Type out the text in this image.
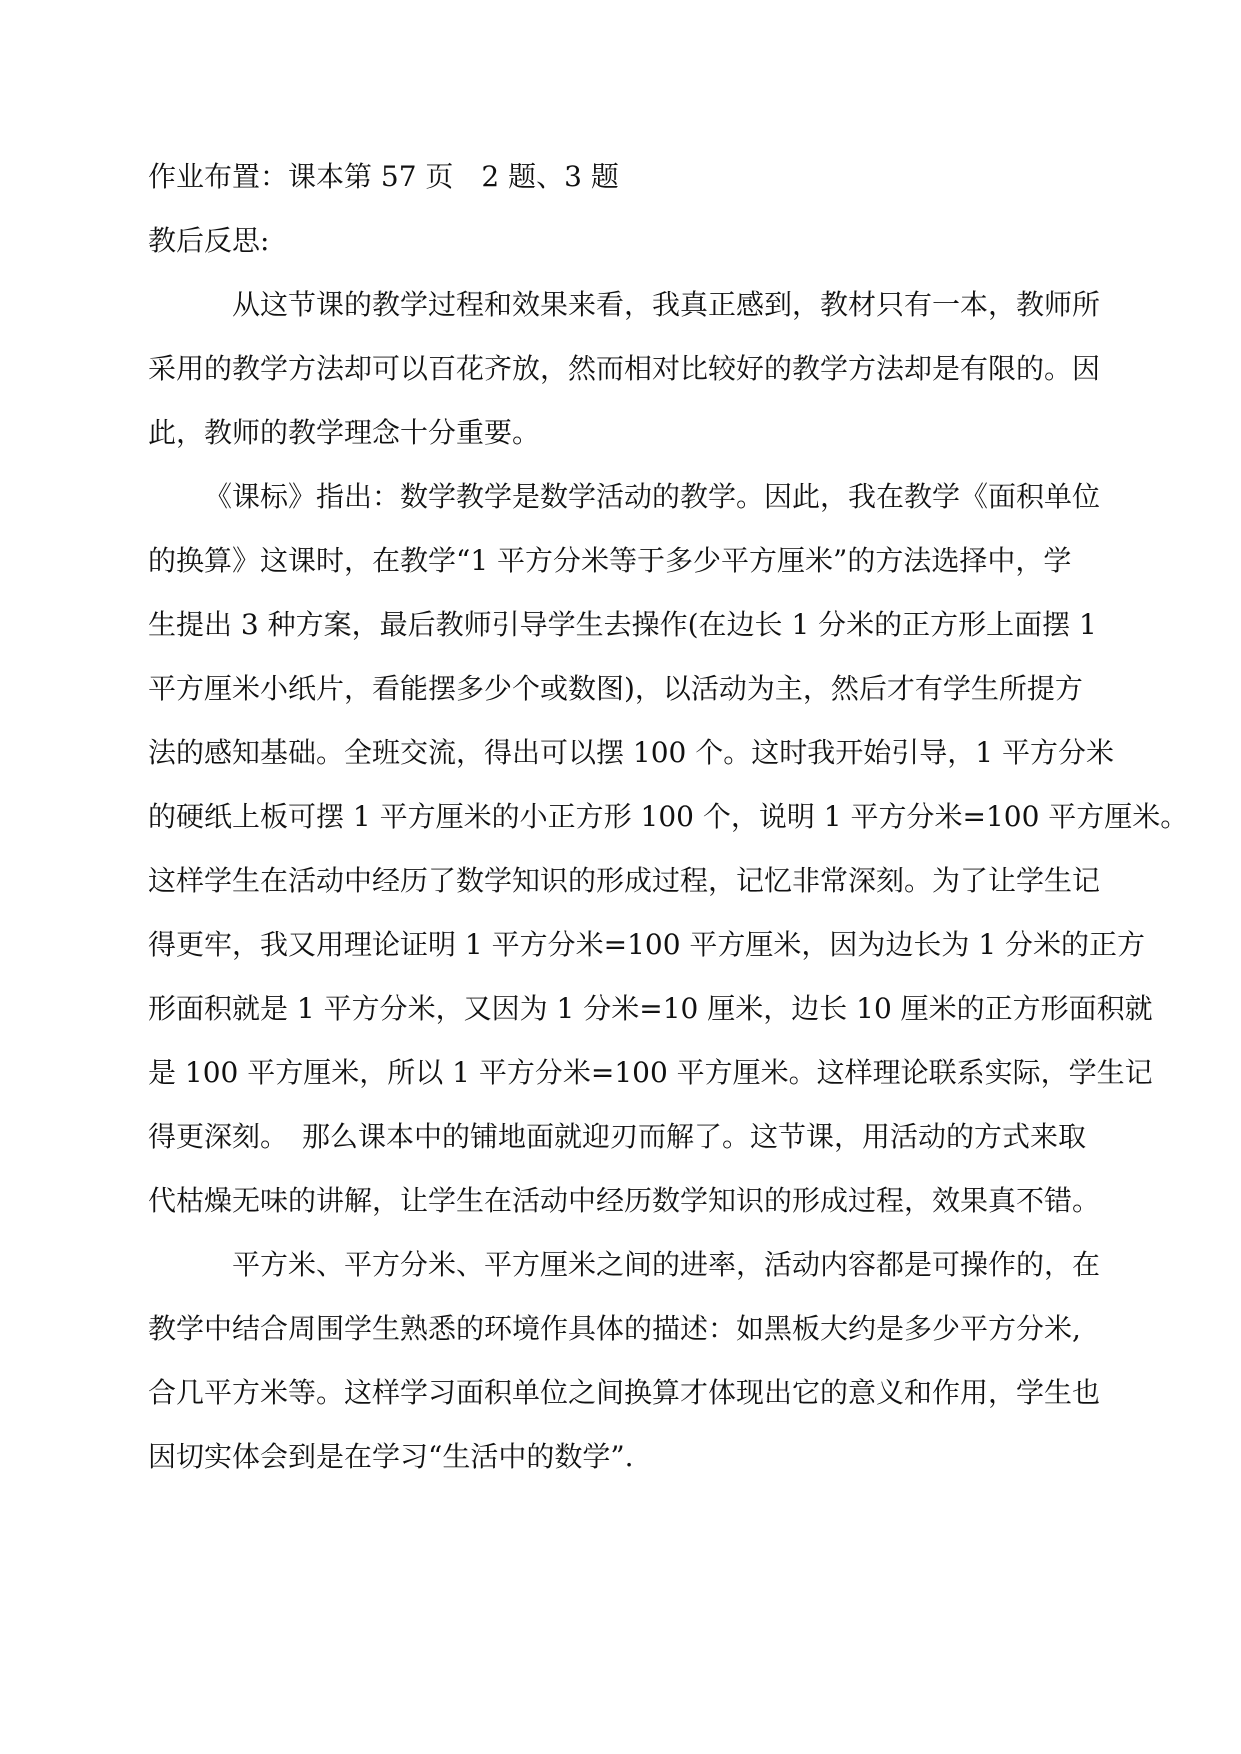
作业布置：课本第 57 页　2 题、3 题
教后反思:
从这节课的教学过程和效果来看，我真正感到，教材只有一本，教师所
采用的教学方法却可以百花齐放，然而相对比较好的教学方法却是有限的。因
此，教师的教学理念十分重要。
《课标》指出：数学教学是数学活动的教学。因此，我在教学《面积单位
的换算》这课时，在教学“1 平方分米等于多少平方厘米”的方法选择中，学
生提出 3 种方案，最后教师引导学生去操作(在边长 1 分米的正方形上面摆 1
平方厘米小纸片，看能摆多少个或数图)，以活动为主，然后才有学生所提方
法的感知基础。全班交流，得出可以摆 100 个。这时我开始引导，1 平方分米
的硬纸上板可摆 1 平方厘米的小正方形 100 个，说明 1 平方分米=100 平方厘米。
这样学生在活动中经历了数学知识的形成过程，记忆非常深刻。为了让学生记
得更牢，我又用理论证明 1 平方分米=100 平方厘米，因为边长为 1 分米的正方
形面积就是 1 平方分米，又因为 1 分米=10 厘米，边长 10 厘米的正方形面积就
是 100 平方厘米，所以 1 平方分米=100 平方厘米。这样理论联系实际，学生记
得更深刻。　那么课本中的铺地面就迎刃而解了。这节课，用活动的方式来取
代枯燥无味的讲解，让学生在活动中经历数学知识的形成过程，效果真不错。
平方米、平方分米、平方厘米之间的进率，活动内容都是可操作的，在
教学中结合周围学生熟悉的环境作具体的描述：如黑板大约是多少平方分米,
合几平方米等。这样学习面积单位之间换算才体现出它的意义和作用，学生也
因切实体会到是在学习“生活中的数学”.
